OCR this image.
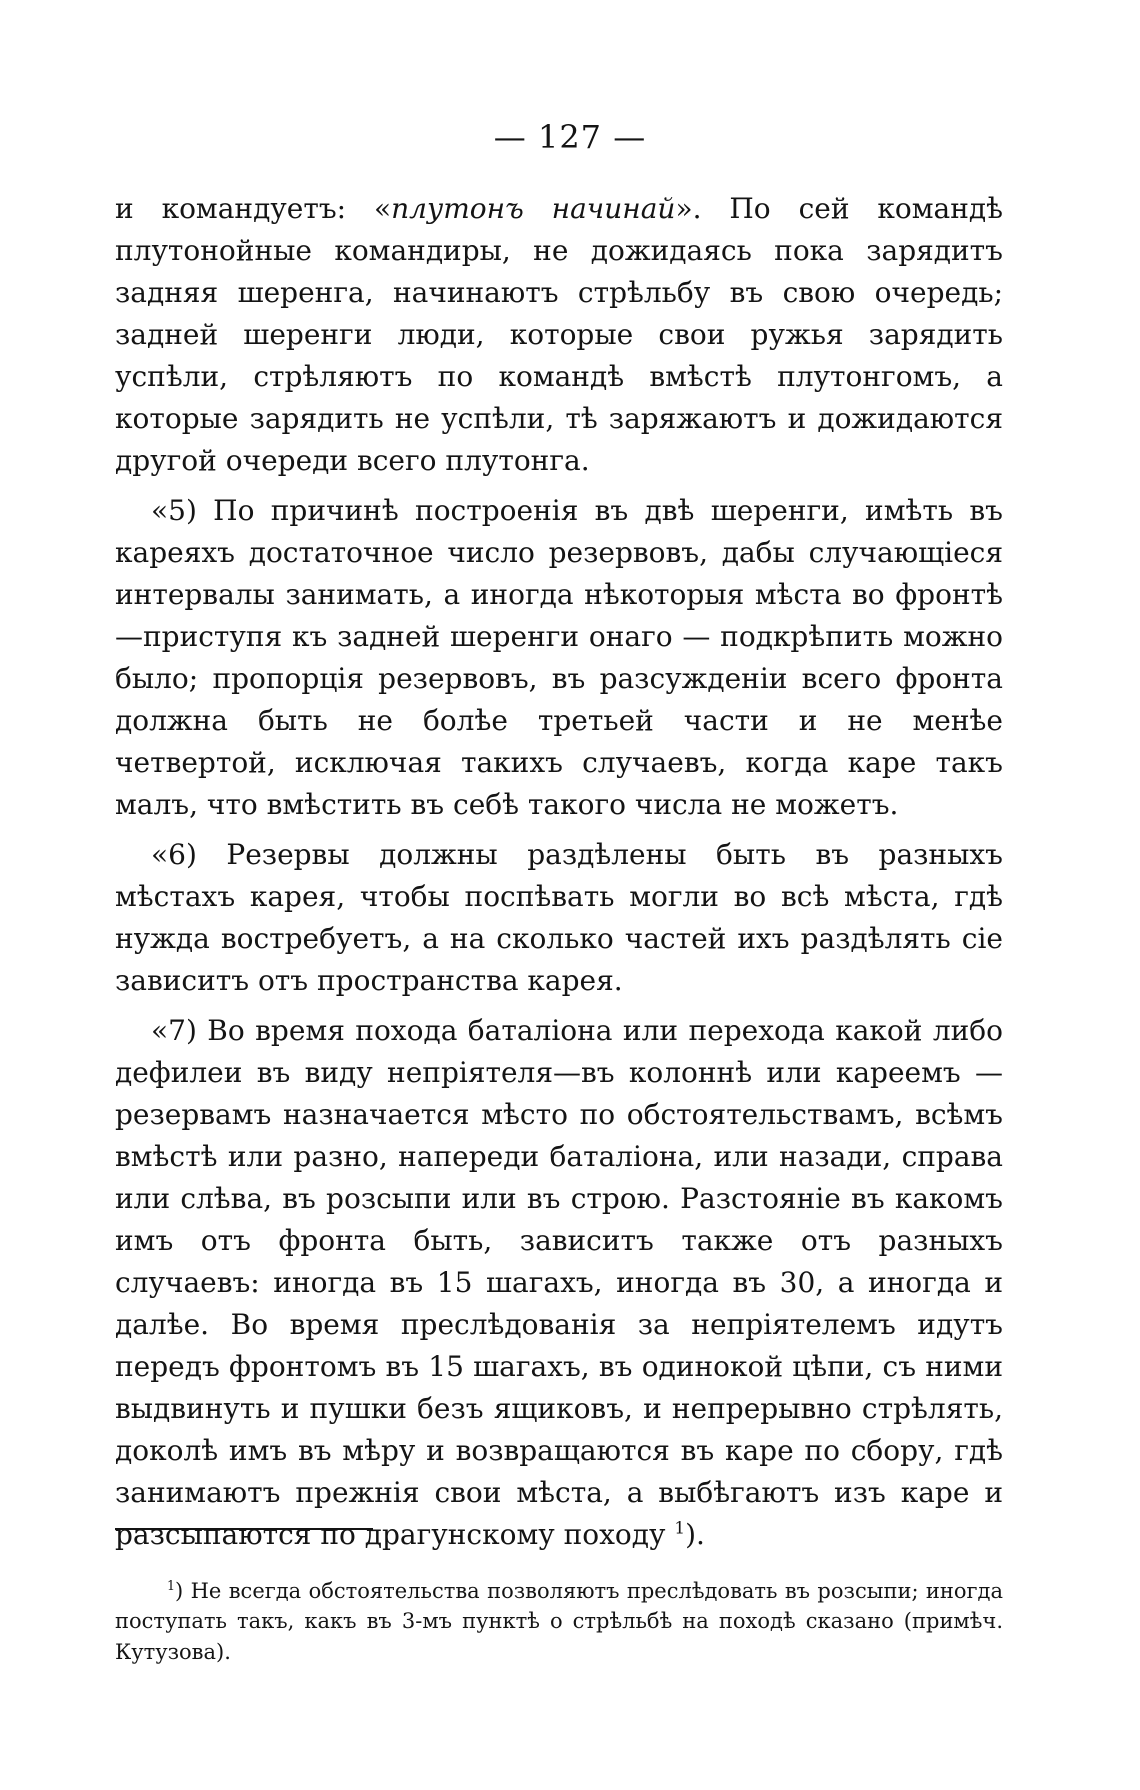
— 127 —

и командуетъ: «плутонъ начинай». По сей командѣ плутонойные командиры, не дожидаясь пока зарядитъ задняя шеренга, начинаютъ стрѣльбу въ свою очередь; задней шеренги люди, которые свои ружья зарядить успѣли, стрѣляютъ по командѣ вмѣстѣ плутонгомъ, а которые зарядить не успѣли, тѣ заряжаютъ и дожидаются другой очереди всего плутонга.

«5) По причинѣ построенія въ двѣ шеренги, имѣть въ кареяхъ достаточное число резервовъ, дабы случающіеся интервалы занимать, а иногда нѣкоторыя мѣста во фронтѣ—приступя къ задней шеренги онаго — подкрѣпить можно было; пропорція резервовъ, въ разсужденіи всего фронта должна быть не болѣе третьей части и не менѣе четвертой, исключая такихъ случаевъ, когда каре такъ малъ, что вмѣстить въ себѣ такого числа не можетъ.

«6) Резервы должны раздѣлены быть въ разныхъ мѣстахъ карея, чтобы поспѣвать могли во всѣ мѣста, гдѣ нужда востребуетъ, а на сколько частей ихъ раздѣлять сіе зависитъ отъ пространства карея.

«7) Во время похода баталіона или перехода какой либо дефилеи въ виду непріятеля—въ колоннѣ или кареемъ — резервамъ назначается мѣсто по обстоятельствамъ, всѣмъ вмѣстѣ или разно, напереди баталіона, или назади, справа или слѣва, въ розсыпи или въ строю. Разстояніе въ какомъ имъ отъ фронта быть, зависитъ также отъ разныхъ случаевъ: иногда въ 15 шагахъ, иногда въ 30, а иногда и далѣе. Во время преслѣдованія за непріятелемъ идутъ передъ фронтомъ въ 15 шагахъ, въ одинокой цѣпи, съ ними выдвинуть и пушки безъ ящиковъ, и непрерывно стрѣлять, доколѣ имъ въ мѣру и возвращаются въ каре по сбору, гдѣ занимаютъ прежнія свои мѣста, а выбѣгаютъ изъ каре и разсыпаются по драгунскому походу $^1$).

$^1$) Не всегда обстоятельства позволяютъ преслѣдовать въ розсыпи; иногда поступать такъ, какъ въ 3-мъ пунктѣ о стрѣльбѣ на походѣ сказано (примѣч. Кутузова).
